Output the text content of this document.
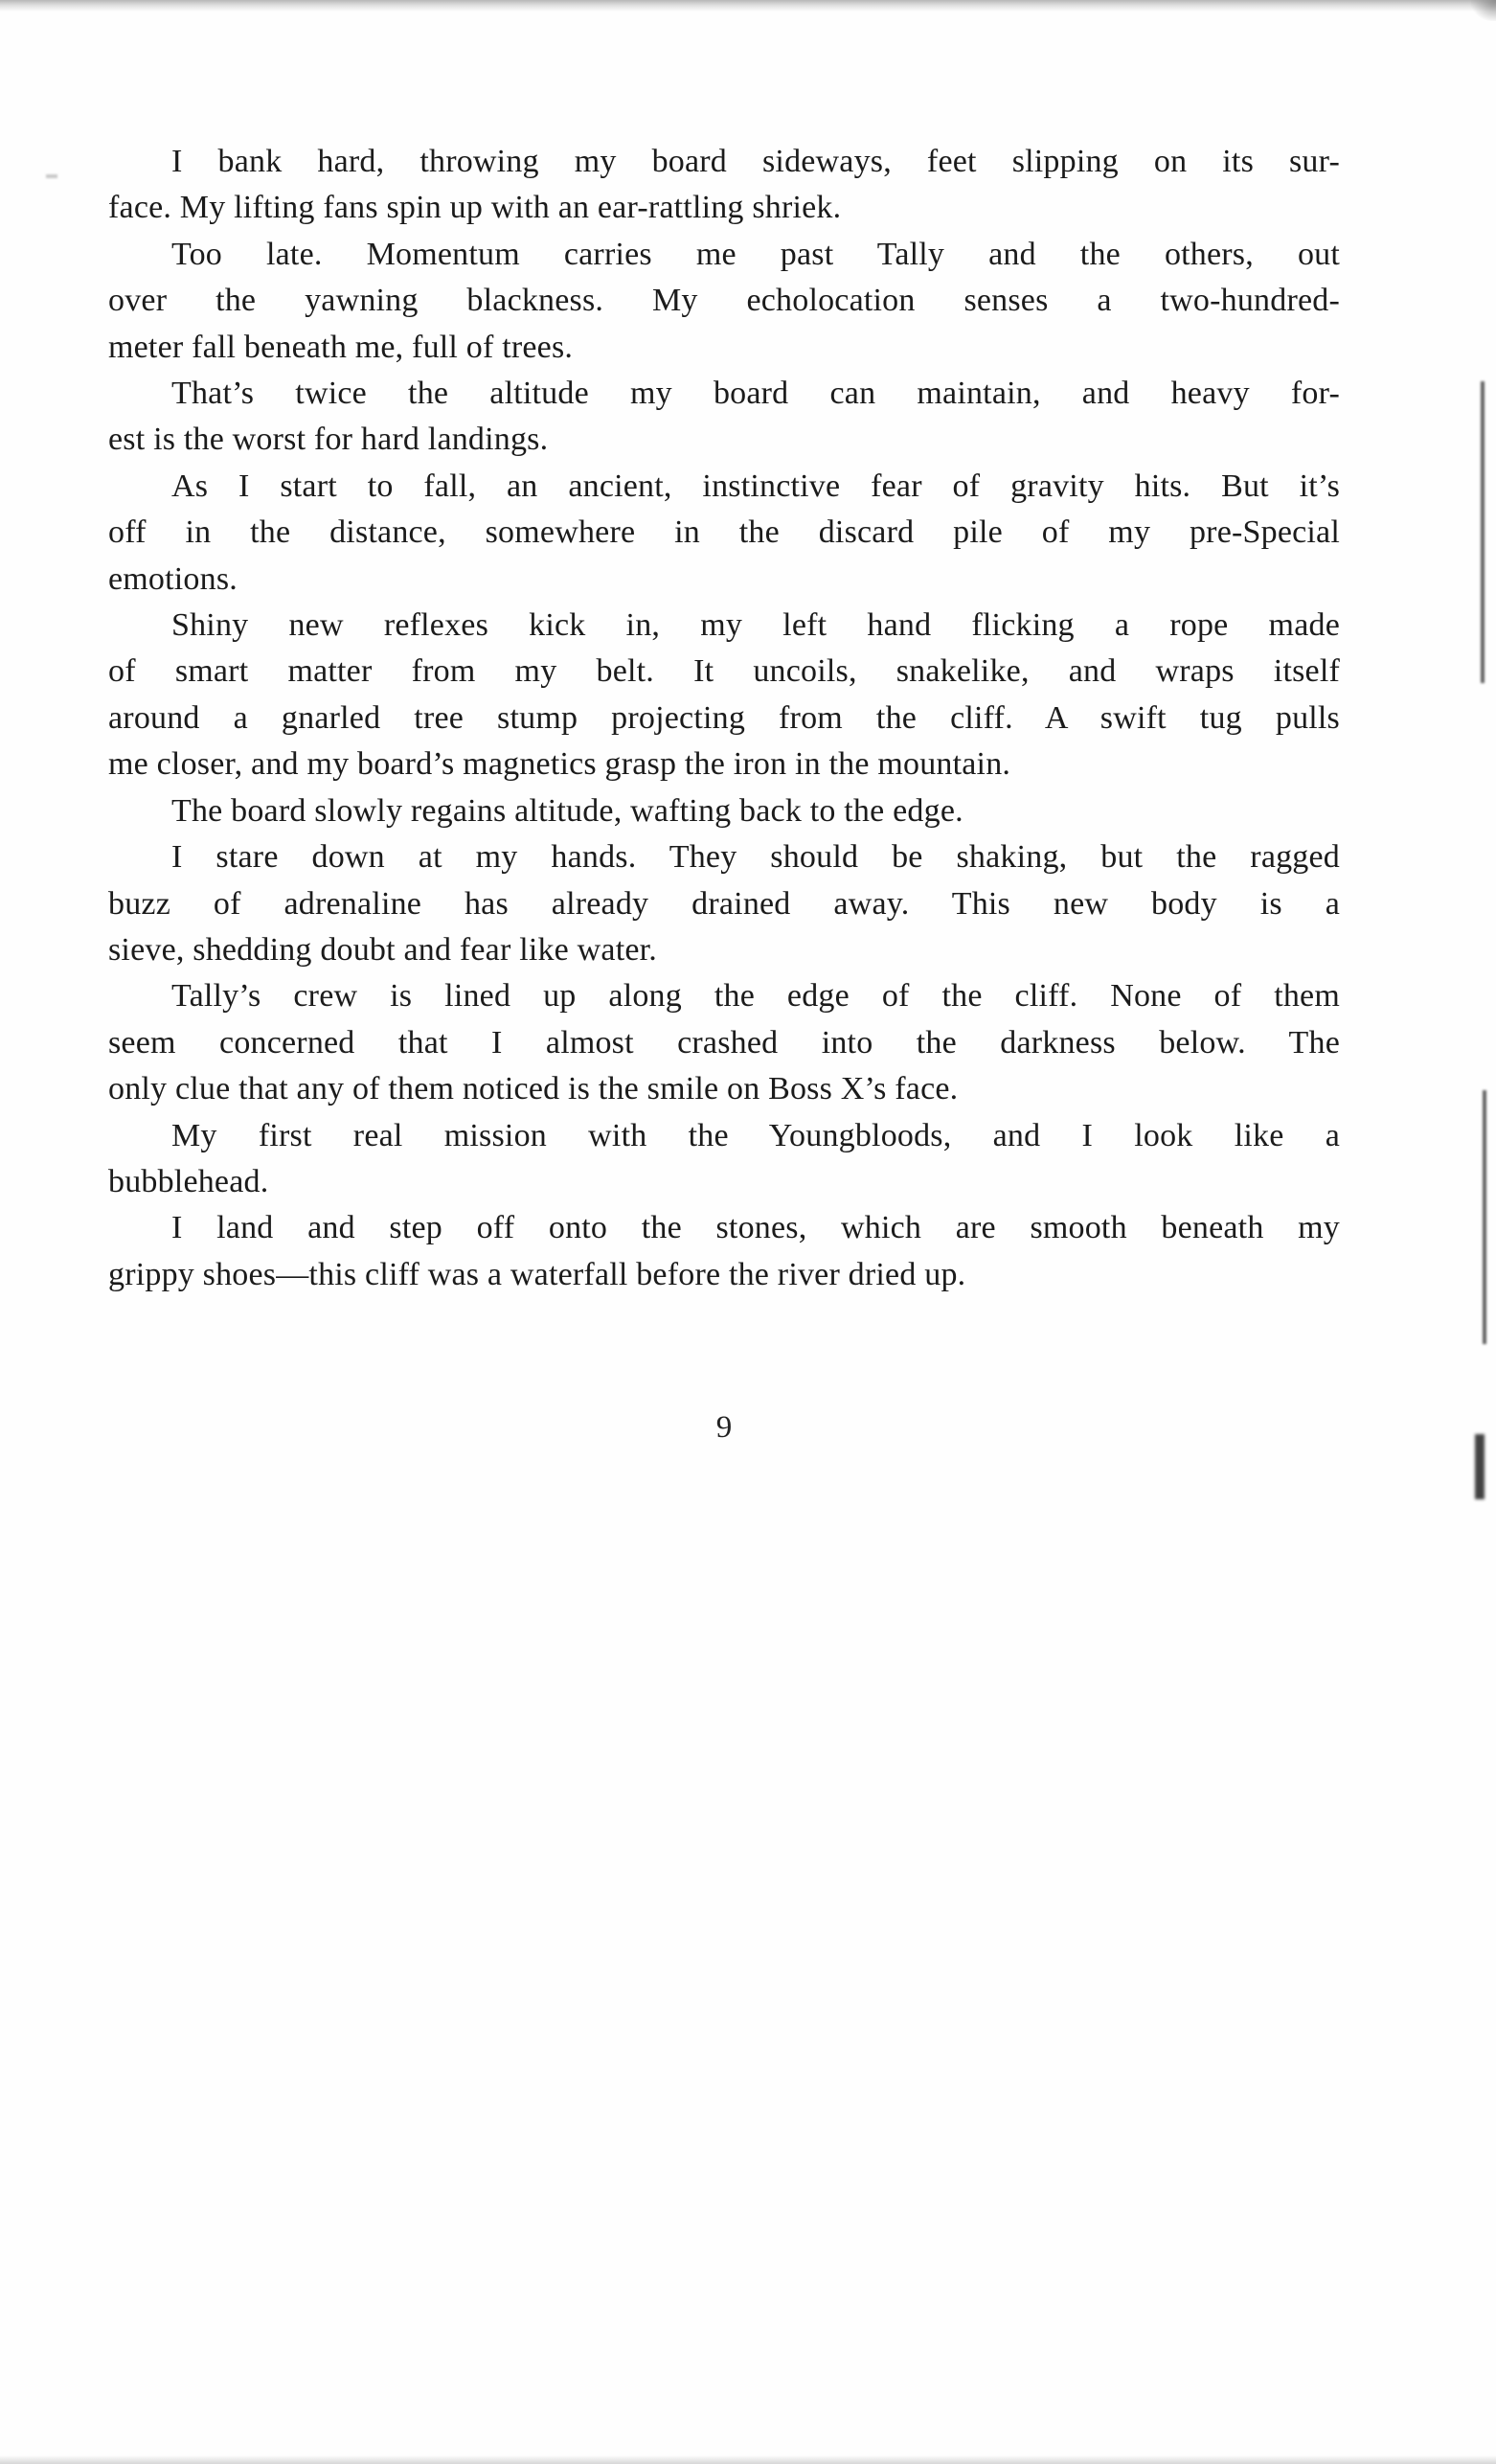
I bank hard, throwing my board sideways, feet slipping on its sur-
face. My lifting fans spin up with an ear-rattling shriek.
Too late. Momentum carries me past Tally and the others, out
over the yawning blackness. My echolocation senses a two-hundred-
meter fall beneath me, full of trees.
That’s twice the altitude my board can maintain, and heavy for-
est is the worst for hard landings.
As I start to fall, an ancient, instinctive fear of gravity hits. But it’s
off in the distance, somewhere in the discard pile of my pre-Special
emotions.
Shiny new reflexes kick in, my left hand flicking a rope made
of smart matter from my belt. It uncoils, snakelike, and wraps itself
around a gnarled tree stump projecting from the cliff. A swift tug pulls
me closer, and my board’s magnetics grasp the iron in the mountain.
The board slowly regains altitude, wafting back to the edge.
I stare down at my hands. They should be shaking, but the ragged
buzz of adrenaline has already drained away. This new body is a
sieve, shedding doubt and fear like water.
Tally’s crew is lined up along the edge of the cliff. None of them
seem concerned that I almost crashed into the darkness below. The
only clue that any of them noticed is the smile on Boss X’s face.
My first real mission with the Youngbloods, and I look like a
bubblehead.
I land and step off onto the stones, which are smooth beneath my
grippy shoes—this cliff was a waterfall before the river dried up.
9
